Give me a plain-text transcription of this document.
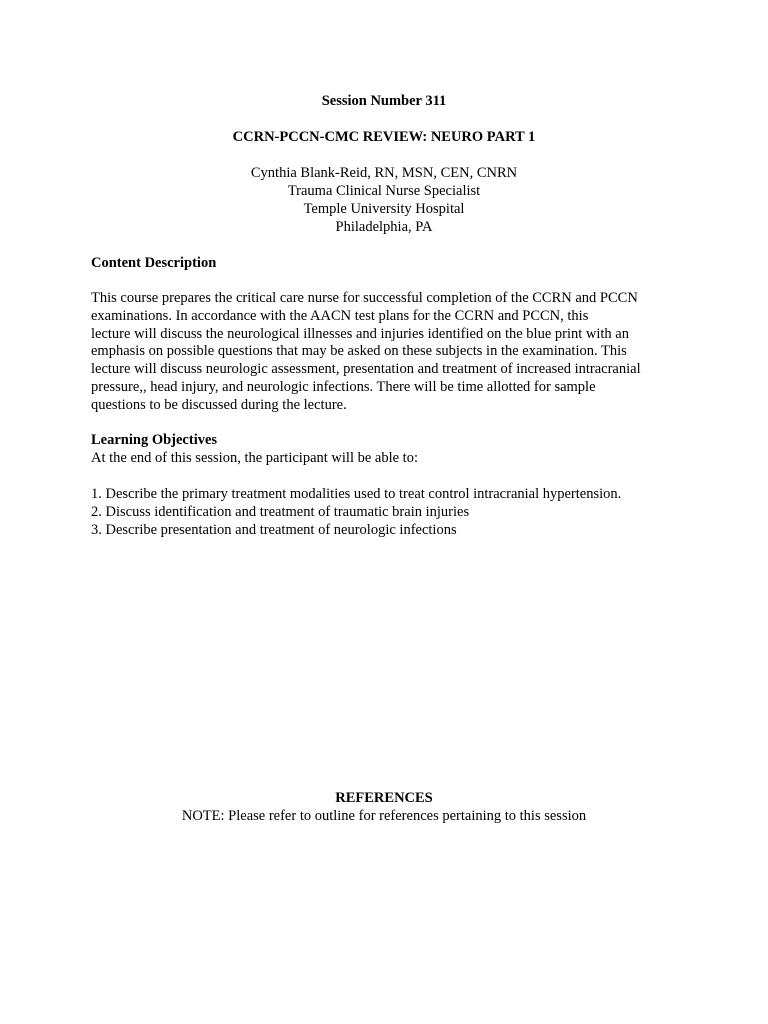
Session Number 311
CCRN-PCCN-CMC REVIEW: NEURO PART 1
Cynthia Blank-Reid, RN, MSN, CEN, CNRN
Trauma Clinical Nurse Specialist
Temple University Hospital
Philadelphia, PA
Content Description
This course prepares the critical care nurse for successful completion of the CCRN and PCCN
examinations. In accordance with the AACN test plans for the CCRN and PCCN, this
lecture will discuss the neurological illnesses and injuries identified on the blue print with an
emphasis on possible questions that may be asked on these subjects in the examination. This
lecture will discuss neurologic assessment, presentation and treatment of increased intracranial
pressure,, head injury, and neurologic infections. There will be time allotted for sample
questions to be discussed during the lecture.
Learning Objectives
At the end of this session, the participant will be able to:
1. Describe the primary treatment modalities used to treat control intracranial hypertension.
2. Discuss identification and treatment of traumatic brain injuries
3. Describe presentation and treatment of neurologic infections
REFERENCES
NOTE: Please refer to outline for references pertaining to this session
